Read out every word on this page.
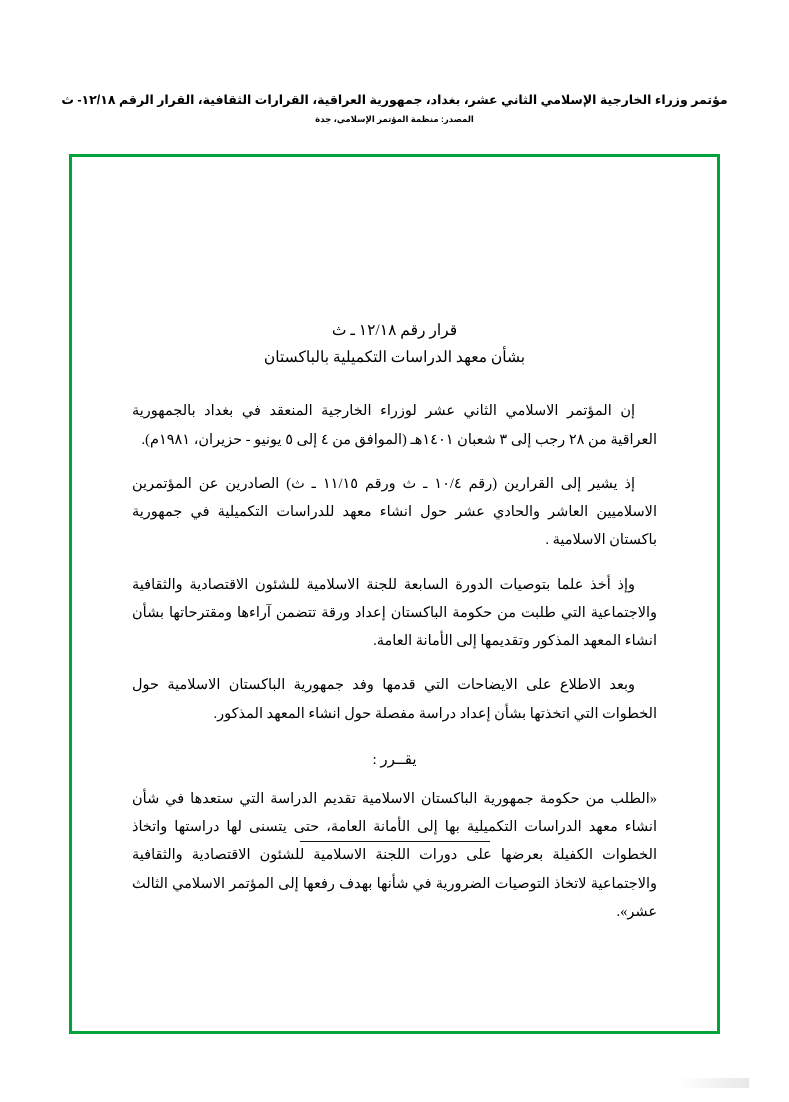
مؤتمر وزراء الخارجية الإسلامي الثاني عشر، بغداد، جمهورية العراقية، القرارات الثقافية، القرار الرقم ١٢/١٨- ث
المصدر: منظمة المؤتمر الإسلامي، جدة
قرار رقم ١٢/١٨ ـ ث
بشأن معهد الدراسات التكميلية بالباكستان

إن المؤتمر الاسلامي الثاني عشر لوزراء الخارجية المنعقد في بغداد بالجمهورية العراقية من ٢٨ رجب إلى ٣ شعبان ١٤٠١هـ (الموافق من ٤ إلى ٥ يونيو - حزيران، ١٩٨١م).

إذ يشير إلى القرارين (رقم ١٠/٤ ـ ث ورقم ١١/١٥ ـ ث) الصادرين عن المؤتمرين الاسلاميين العاشر والحادي عشر حول انشاء معهد للدراسات التكميلية في جمهورية باكستان الاسلامية .

وإذ أخذ علما بتوصيات الدورة السابعة للجنة الاسلامية للشئون الاقتصادية والثقافية والاجتماعية التي طلبت من حكومة الباكستان إعداد ورقة تتضمن آراءها ومقترحاتها بشأن انشاء المعهد المذكور وتقديمها إلى الأمانة العامة.

وبعد الاطلاع على الايضاحات التي قدمها وفد جمهورية الباكستان الاسلامية حول الخطوات التي اتخذتها بشأن إعداد دراسة مفصلة حول انشاء المعهد المذكور.

يقــرر :

«الطلب من حكومة جمهورية الباكستان الاسلامية تقديم الدراسة التي ستعدها في شأن انشاء معهد الدراسات التكميلية بها إلى الأمانة العامة، حتى يتسنى لها دراستها واتخاذ الخطوات الكفيلة بعرضها على دورات اللجنة الاسلامية للشئون الاقتصادية والثقافية والاجتماعية لاتخاذ التوصيات الضرورية في شأنها بهدف رفعها إلى المؤتمر الاسلامي الثالث عشر».
